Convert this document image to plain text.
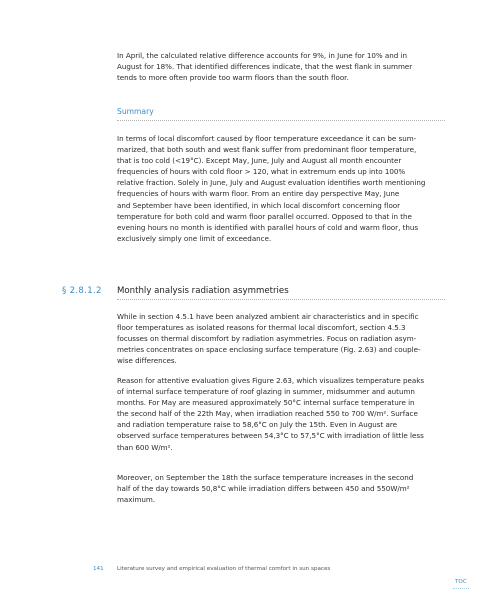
In April, the calculated relative difference accounts for 9%, in June for 10% and in

August for 18%. That identified differences indicate, that the west flank in summer

tends to more often provide too warm floors than the south floor.

Summary

In terms of local discomfort caused by floor temperature exceedance it can be sum-

marized, that both south and west flank suffer from predominant floor temperature,

that is too cold (<19°C). Except May, June, July and August all month encounter

frequencies of hours with cold floor > 120, what in extremum ends up into 100%

relative fraction. Solely in June, July and August evaluation identifies worth mentioning

frequencies of hours with warm floor. From an entire day perspective May, June

and September have been identified, in which local discomfort concerning floor

temperature for both cold and warm floor parallel occurred. Opposed to that in the

evening hours no month is identified with parallel hours of cold and warm floor, thus

exclusively simply one limit of exceedance.

§ 2.8.1.2 Monthly analysis radiation asymmetries

While in section 4.5.1 have been analyzed ambient air characteristics and in specific

floor temperatures as isolated reasons for thermal local discomfort, section 4.5.3

focusses on thermal discomfort by radiation asymmetries. Focus on radiation asym-

metries concentrates on space enclosing surface temperature (Fig. 2.63) and couple-

wise differences.

Reason for attentive evaluation gives Figure 2.63, which visualizes temperature peaks

of internal surface temperature of roof glazing in summer, midsummer and autumn

months. For May are measured approximately 50°C internal surface temperature in

the second half of the 22th May, when irradiation reached 550 to 700 W/m². Surface

and radiation temperature raise to 58,6°C on July the 15th. Even in August are

observed surface temperatures between 54,3°C to 57,5°C with irradiation of little less

than 600 W/m².

Moreover, on September the 18th the surface temperature increases in the second

half of the day towards 50,8°C while irradiation differs between 450 and 550W/m²

maximum.

141 Literature survey and empirical evaluation of thermal comfort in sun spaces
TOC
